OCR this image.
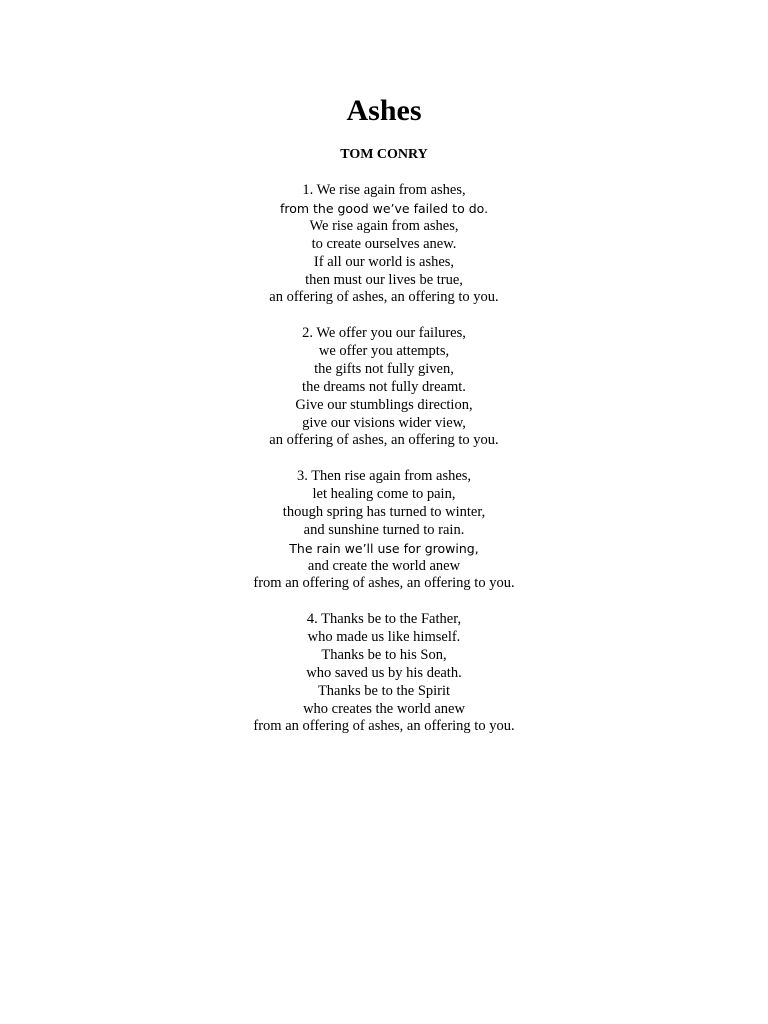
Ashes
TOM CONRY
1. We rise again from ashes,
from the good we’ve failed to do.
We rise again from ashes,
to create ourselves anew.
If all our world is ashes,
then must our lives be true,
an offering of ashes, an offering to you.
2. We offer you our failures,
we offer you attempts,
the gifts not fully given,
the dreams not fully dreamt.
Give our stumblings direction,
give our visions wider view,
an offering of ashes, an offering to you.
3. Then rise again from ashes,
let healing come to pain,
though spring has turned to winter,
and sunshine turned to rain.
The rain we’ll use for growing,
and create the world anew
from an offering of ashes, an offering to you.
4. Thanks be to the Father,
who made us like himself.
Thanks be to his Son,
who saved us by his death.
Thanks be to the Spirit
who creates the world anew
from an offering of ashes, an offering to you.
